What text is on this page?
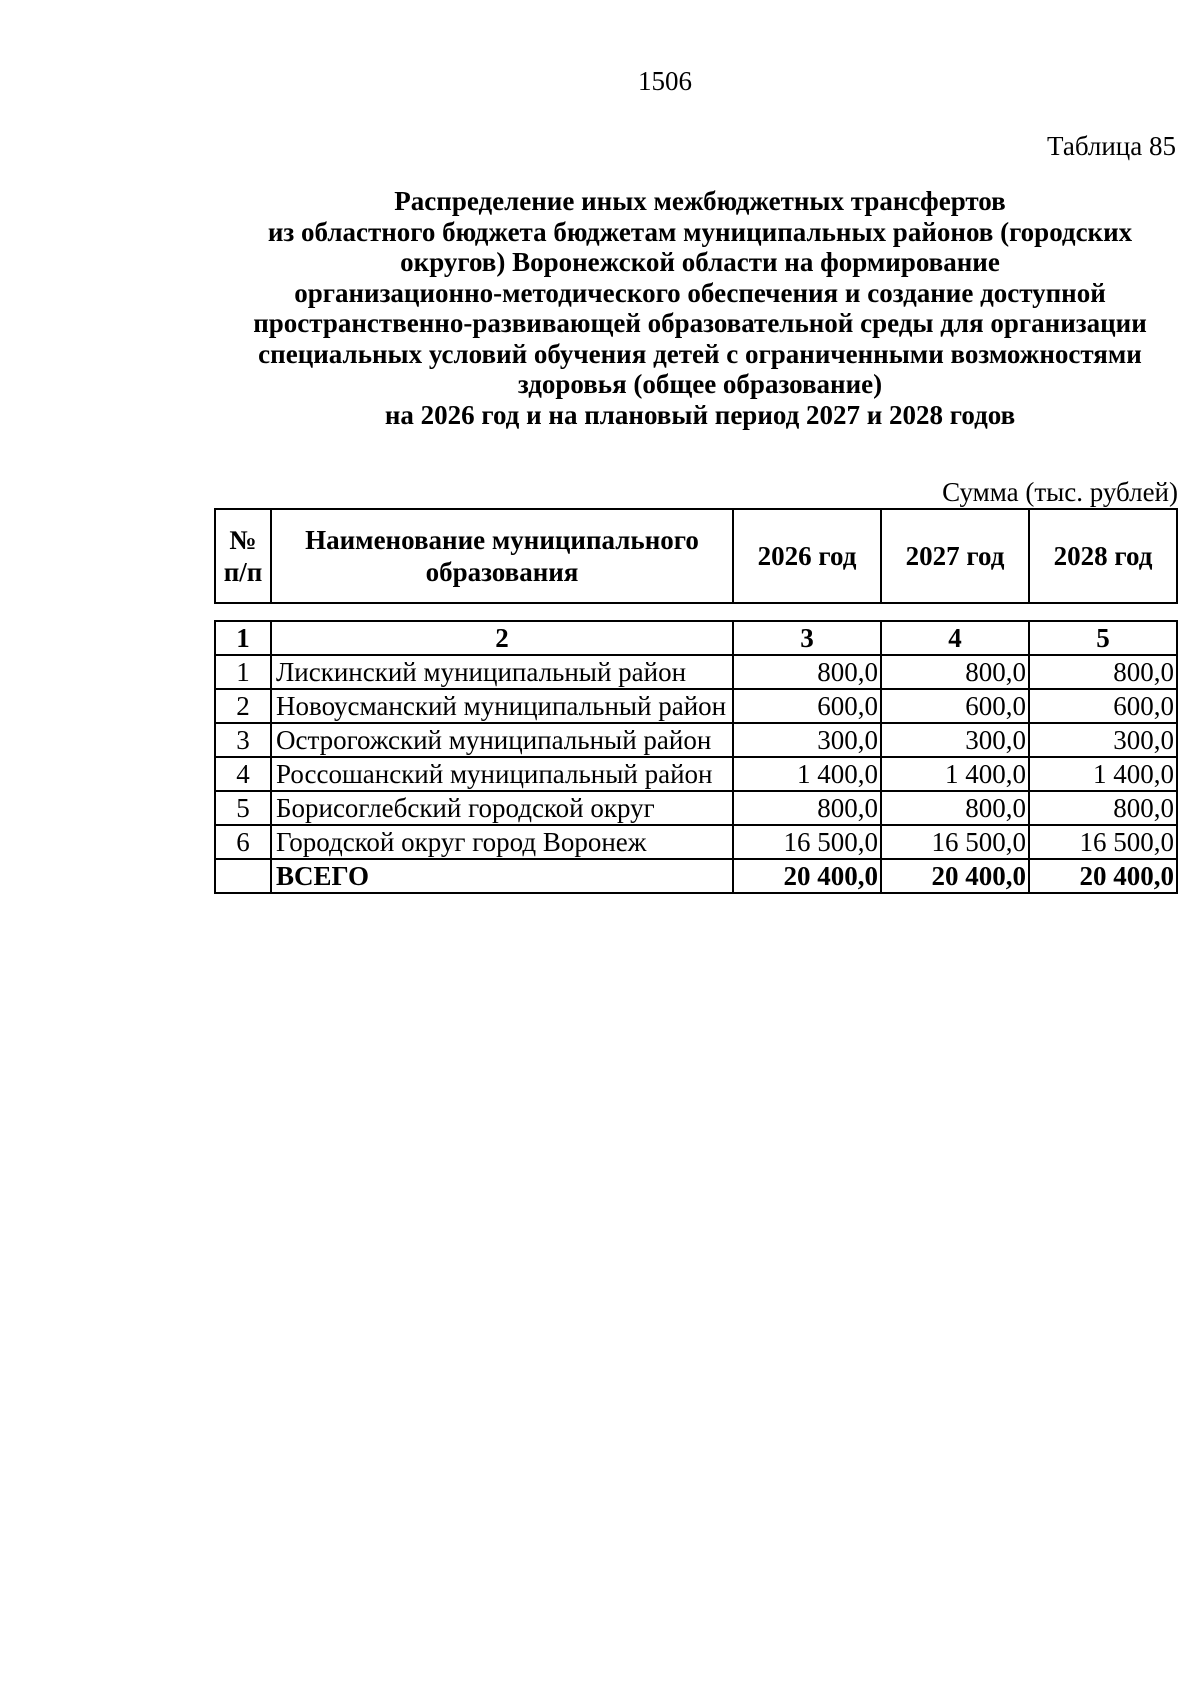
1506
Таблица 85
Распределение иных межбюджетных трансфертов
из областного бюджета бюджетам муниципальных районов (городских
округов) Воронежской области на формирование
организационно-методического обеспечения и создание доступной
пространственно-развивающей образовательной среды для организации
специальных условий обучения детей с ограниченными возможностями
здоровья (общее образование)
на 2026 год и на плановый период 2027 и 2028 годов
Сумма (тыс. рублей)
№ п/п	Наименование муниципального образования	2026 год	2027 год	2028 год
1	2	3	4	5
1	Лискинский муниципальный район	800,0	800,0	800,0
2	Новоусманский муниципальный район	600,0	600,0	600,0
3	Острогожский муниципальный район	300,0	300,0	300,0
4	Россошанский муниципальный район	1 400,0	1 400,0	1 400,0
5	Борисоглебский городской округ	800,0	800,0	800,0
6	Городской округ город Воронеж	16 500,0	16 500,0	16 500,0
	ВСЕГО	20 400,0	20 400,0	20 400,0
